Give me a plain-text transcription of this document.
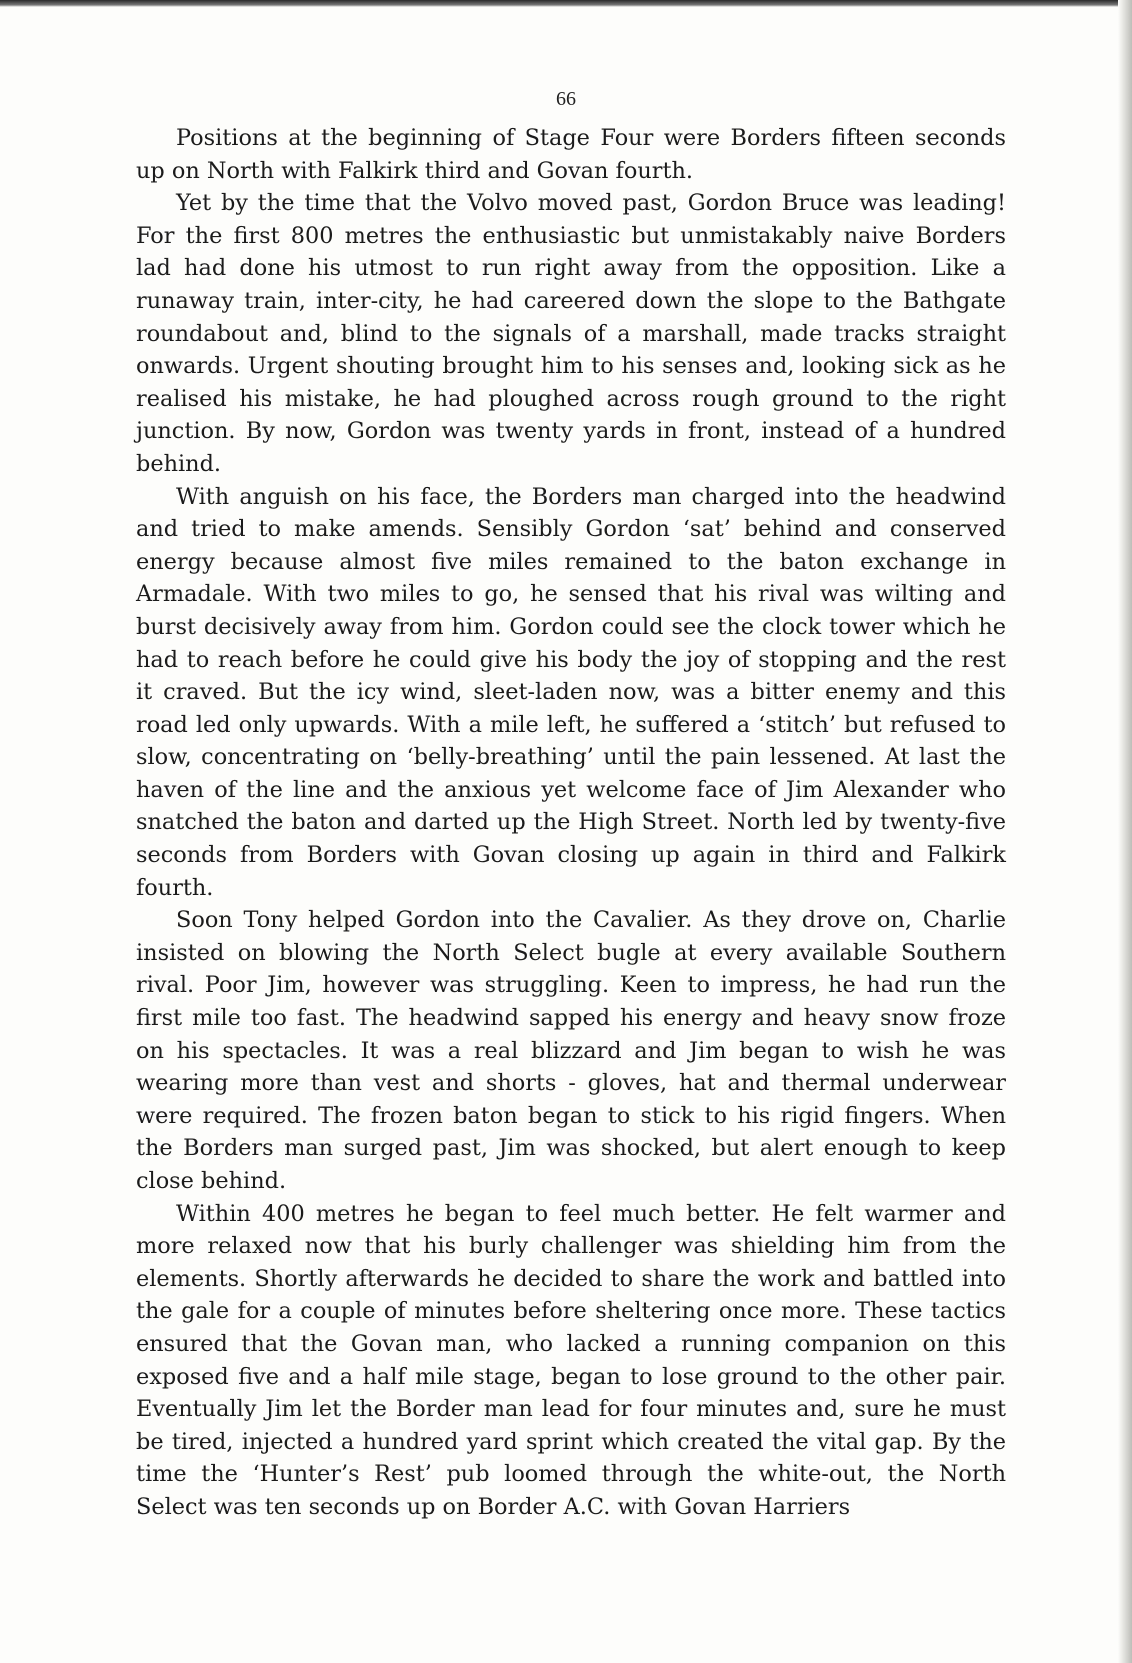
66

Positions at the beginning of Stage Four were Borders fifteen seconds up on North with Falkirk third and Govan fourth.

Yet by the time that the Volvo moved past, Gordon Bruce was leading! For the first 800 metres the enthusiastic but unmistakably naive Borders lad had done his utmost to run right away from the opposition. Like a runaway train, inter-city, he had careered down the slope to the Bathgate roundabout and, blind to the signals of a marshall, made tracks straight onwards. Urgent shouting brought him to his senses and, looking sick as he realised his mistake, he had ploughed across rough ground to the right junction. By now, Gordon was twenty yards in front, instead of a hundred behind.

With anguish on his face, the Borders man charged into the headwind and tried to make amends. Sensibly Gordon ‘sat’ behind and conserved energy because almost five miles remained to the baton exchange in Armadale. With two miles to go, he sensed that his rival was wilting and burst decisively away from him. Gordon could see the clock tower which he had to reach before he could give his body the joy of stopping and the rest it craved. But the icy wind, sleet-laden now, was a bitter enemy and this road led only upwards. With a mile left, he suffered a ‘stitch’ but refused to slow, concentrating on ‘belly-breathing’ until the pain lessened. At last the haven of the line and the anxious yet welcome face of Jim Alexander who snatched the baton and darted up the High Street. North led by twenty-five seconds from Borders with Govan closing up again in third and Falkirk fourth.

Soon Tony helped Gordon into the Cavalier. As they drove on, Charlie insisted on blowing the North Select bugle at every available Southern rival. Poor Jim, however was struggling. Keen to impress, he had run the first mile too fast. The headwind sapped his energy and heavy snow froze on his spectacles. It was a real blizzard and Jim began to wish he was wearing more than vest and shorts - gloves, hat and thermal underwear were required. The frozen baton began to stick to his rigid fingers. When the Borders man surged past, Jim was shocked, but alert enough to keep close behind.

Within 400 metres he began to feel much better. He felt warmer and more relaxed now that his burly challenger was shielding him from the elements. Shortly afterwards he decided to share the work and battled into the gale for a couple of minutes before sheltering once more. These tactics ensured that the Govan man, who lacked a running companion on this exposed five and a half mile stage, began to lose ground to the other pair. Eventually Jim let the Border man lead for four minutes and, sure he must be tired, injected a hundred yard sprint which created the vital gap. By the time the ‘Hunter’s Rest’ pub loomed through the white-out, the North Select was ten seconds up on Border A.C. with Govan Harriers
